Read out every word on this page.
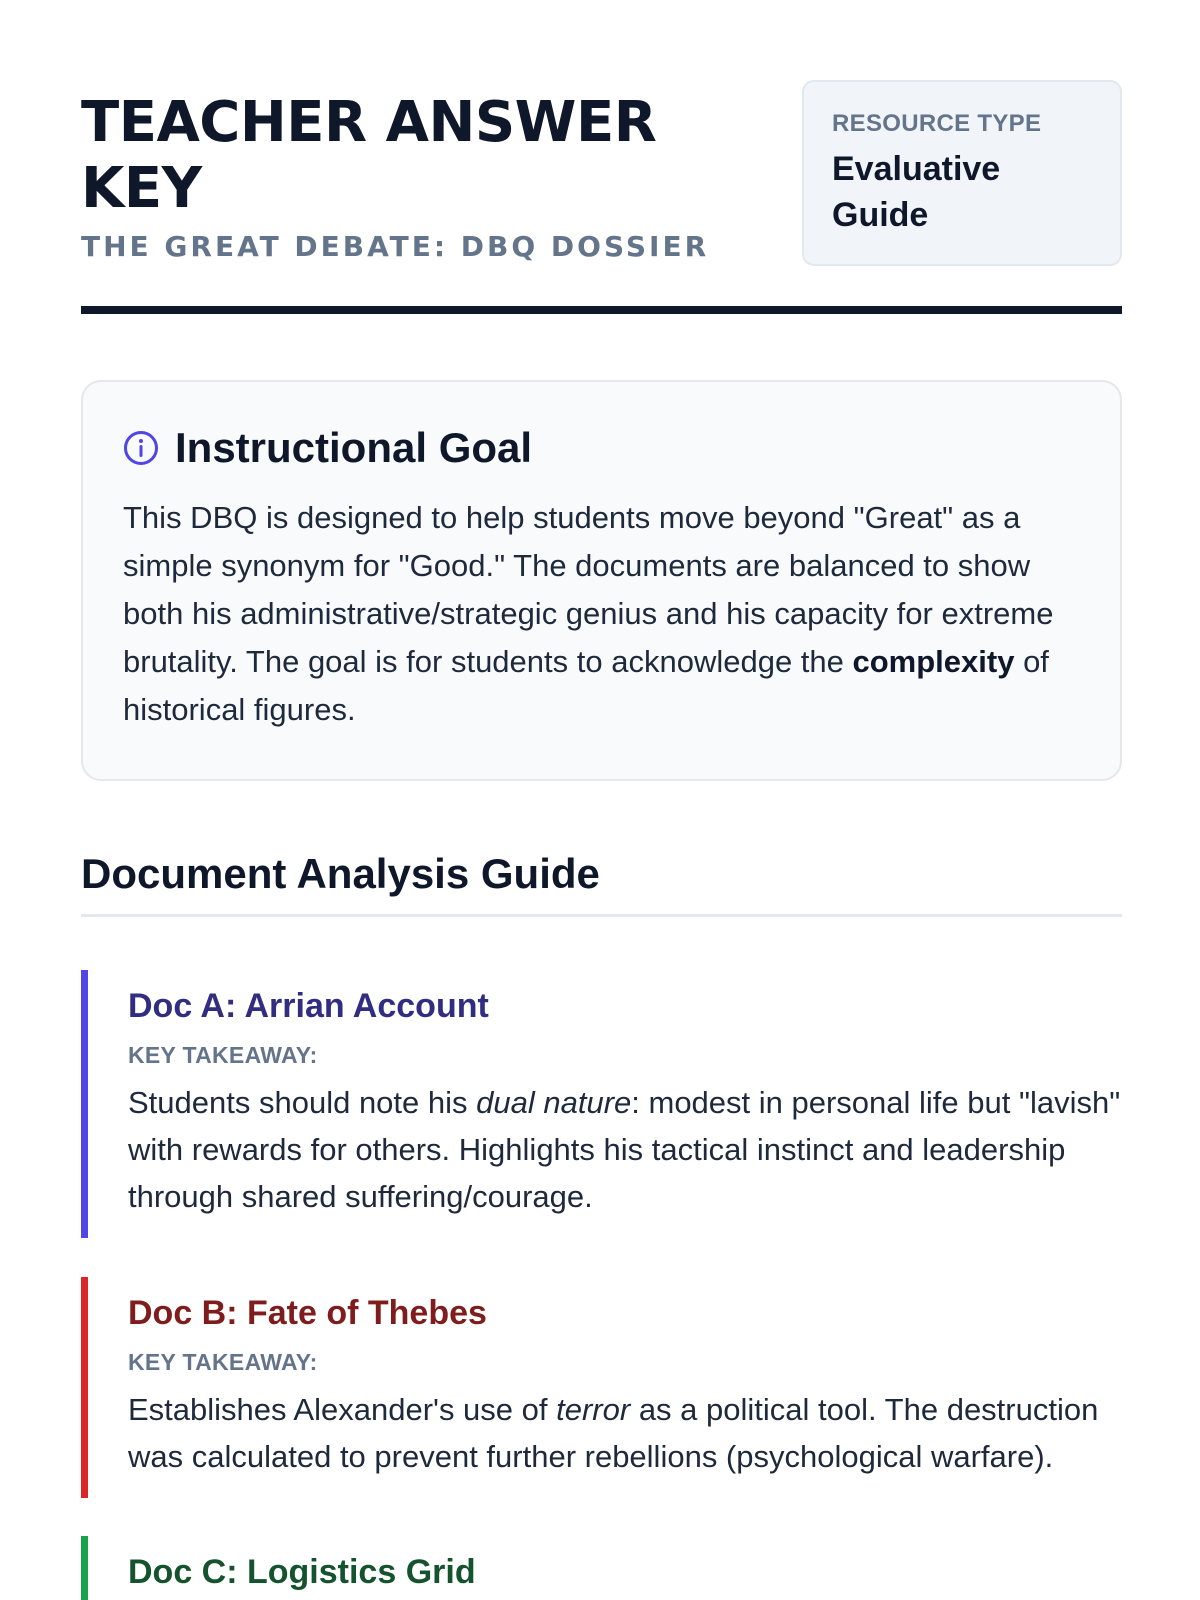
TEACHER ANSWER KEY
THE GREAT DEBATE: DBQ DOSSIER
RESOURCE TYPE
Evaluative Guide
Instructional Goal

This DBQ is designed to help students move beyond "Great" as a simple synonym for "Good." The documents are balanced to show both his administrative/strategic genius and his capacity for extreme brutality. The goal is for students to acknowledge the complexity of historical figures.

Document Analysis Guide
Doc A: Arrian Account
KEY TAKEAWAY:

Students should note his dual nature: modest in personal life but "lavish" with rewards for others. Highlights his tactical instinct and leadership through shared suffering/courage.

Doc B: Fate of Thebes
KEY TAKEAWAY:

Establishes Alexander's use of terror as a political tool. The destruction was calculated to prevent further rebellions (psychological warfare).

Doc C: Logistics Grid
